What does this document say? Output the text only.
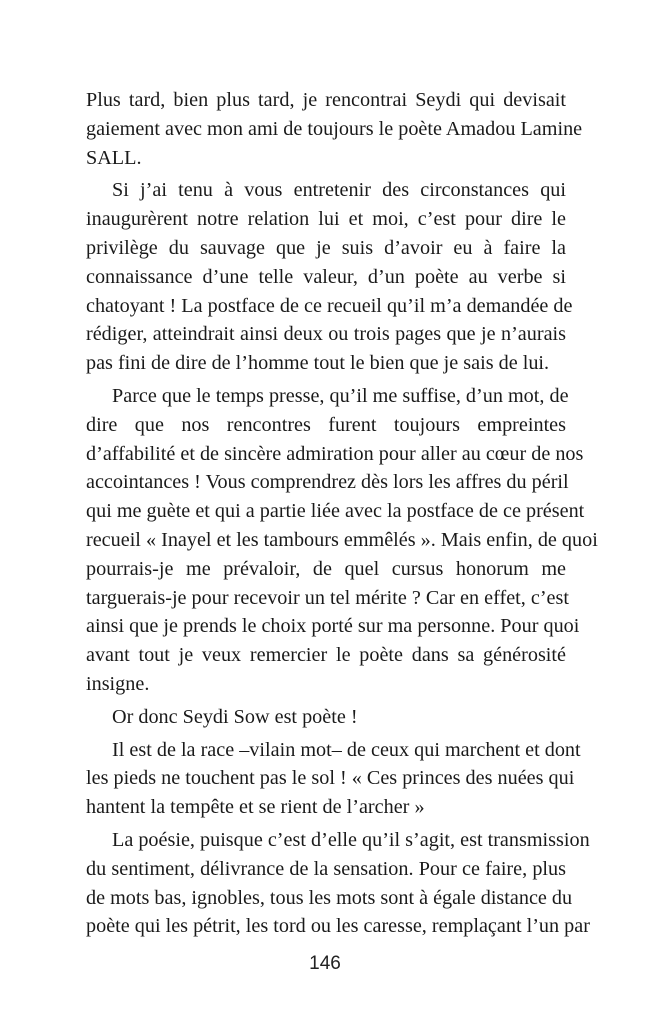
Plus tard, bien plus tard, je rencontrai Seydi qui devisait
gaiement avec mon ami de toujours le poète Amadou Lamine
SALL.
Si j’ai tenu à vous entretenir des circonstances qui
inaugurèrent notre relation lui et moi, c’est pour dire le
privilège du sauvage que je suis d’avoir eu à faire la
connaissance d’une telle valeur, d’un poète au verbe si
chatoyant ! La postface de ce recueil qu’il m’a demandée de
rédiger, atteindrait ainsi deux ou trois pages que je n’aurais
pas fini de dire de l’homme tout le bien que je sais de lui.
Parce que le temps presse, qu’il me suffise, d’un mot, de
dire que nos rencontres furent toujours empreintes
d’affabilité et de sincère admiration pour aller au cœur de nos
accointances ! Vous comprendrez dès lors les affres du péril
qui me guète et qui a partie liée avec la postface de ce présent
recueil « Inayel et les tambours emmêlés ». Mais enfin, de quoi
pourrais-je me prévaloir, de quel cursus honorum me
targuerais-je pour recevoir un tel mérite ? Car en effet, c’est
ainsi que je prends le choix porté sur ma personne. Pour quoi
avant tout je veux remercier le poète dans sa générosité
insigne.
Or donc Seydi Sow est poète !
Il est de la race –vilain mot– de ceux qui marchent et dont
les pieds ne touchent pas le sol ! « Ces princes des nuées qui
hantent la tempête et se rient de l’archer »
La poésie, puisque c’est d’elle qu’il s’agit, est transmission
du sentiment, délivrance de la sensation. Pour ce faire, plus
de mots bas, ignobles, tous les mots sont à égale distance du
poète qui les pétrit, les tord ou les caresse, remplaçant l’un par
146
